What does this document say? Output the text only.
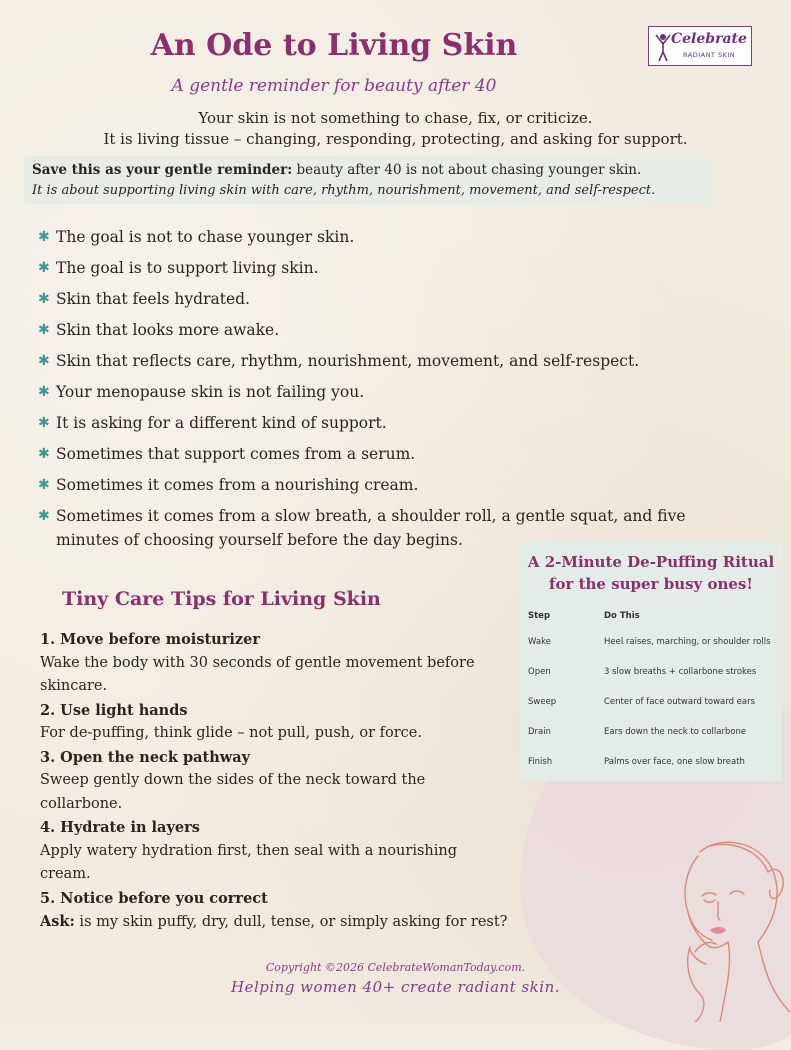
An Ode to Living Skin	Celebrate
RADIANT SKIN
A gentle reminder for beauty after 40
Your skin is not something to chase, fix, or criticize.
It is living tissue – changing, responding, protecting, and asking for support.

Save this as your gentle reminder: beauty after 40 is not about chasing younger skin.

It is about supporting living skin with care, rhythm, nourishment, movement, and self-respect.

✱ The goal is not to chase younger skin.
✱ The goal is to support living skin.
✱ Skin that feels hydrated.
✱ Skin that looks more awake.
✱ Skin that reflects care, rhythm, nourishment, movement, and self-respect.
✱ Your menopause skin is not failing you.
✱ It is asking for a different kind of support.
✱ Sometimes that support comes from a serum.
✱ Sometimes it comes from a nourishing cream.
✱ Sometimes it comes from a slow breath, a shoulder roll, a gentle squat, and five
minutes of choosing yourself before the day begins.
Tiny Care Tips for Living Skin
1. Move before moisturizer
Wake the body with 30 seconds of gentle movement before skincare.
2. Use light hands
For de-puffing, think glide – not pull, push, or force.
3. Open the neck pathway
Sweep gently down the sides of the neck toward the collarbone.
4. Hydrate in layers
Apply watery hydration first, then seal with a nourishing cream.
5. Notice before you correct
Ask: is my skin puffy, dry, dull, tense, or simply asking for rest?
A 2-Minute De-Puffing Ritual
for the super busy ones!
Step	Do This
Wake	Heel raises, marching, or shoulder rolls
Open	3 slow breaths + collarbone strokes
Sweep	Center of face outward toward ears
Drain	Ears down the neck to collarbone
Finish	Palms over face, one slow breath
Copyright ©2026 CelebrateWomanToday.com.
Helping women 40+ create radiant skin.
